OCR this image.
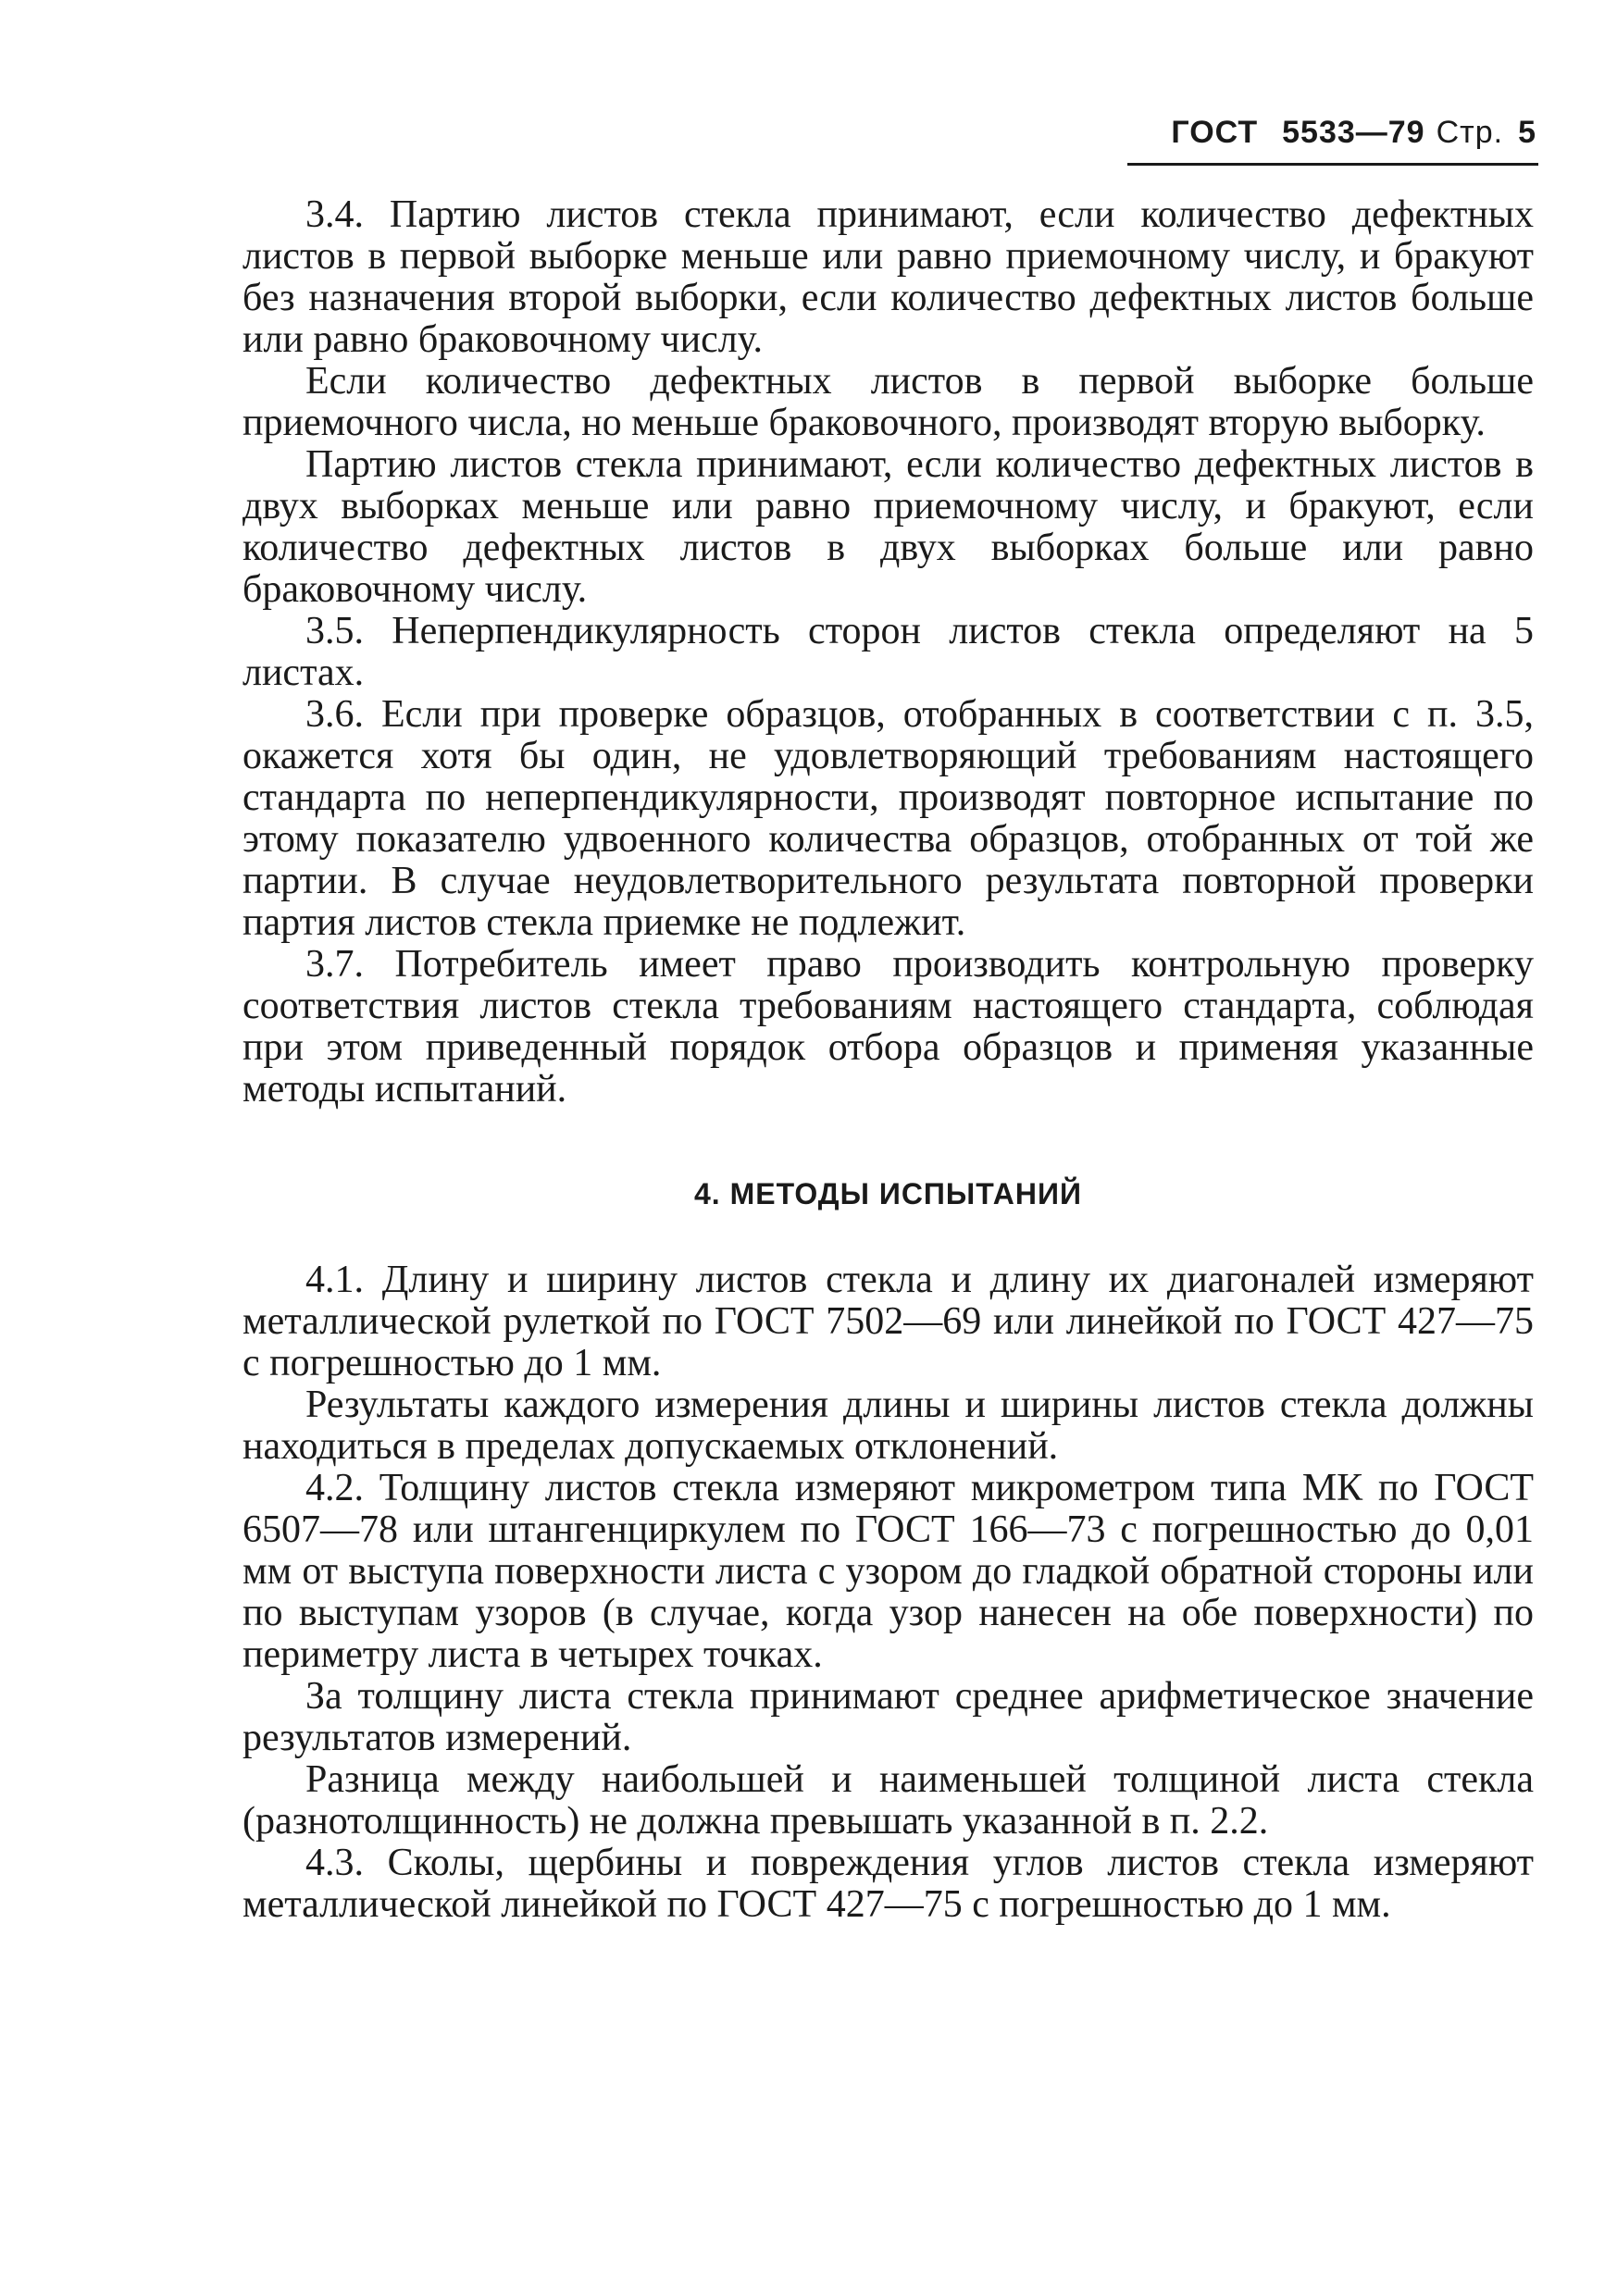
ГОСТ 5533—79 Стр. 5

3.4. Партию листов стекла принимают, если количество дефектных листов в первой выборке меньше или равно приемочному числу, и бракуют без назначения второй выборки, если количество дефектных листов больше или равно браковочному числу.

Если количество дефектных листов в первой выборке больше приемочного числа, но меньше браковочного, производят вторую выборку.

Партию листов стекла принимают, если количество дефектных листов в двух выборках меньше или равно приемочному числу, и бракуют, если количество дефектных листов в двух выборках больше или равно браковочному числу.

3.5. Неперпендикулярность сторон листов стекла определяют на 5 листах.

3.6. Если при проверке образцов, отобранных в соответствии с п. 3.5, окажется хотя бы один, не удовлетворяющий требованиям настоящего стандарта по неперпендикулярности, производят повторное испытание по этому показателю удвоенного количества образцов, отобранных от той же партии. В случае неудовлетворительного результата повторной проверки партия листов стекла приемке не подлежит.

3.7. Потребитель имеет право производить контрольную проверку соответствия листов стекла требованиям настоящего стандарта, соблюдая при этом приведенный порядок отбора образцов и применяя указанные методы испытаний.

4. МЕТОДЫ ИСПЫТАНИЙ

4.1. Длину и ширину листов стекла и длину их диагоналей измеряют металлической рулеткой по ГОСТ 7502—69 или линейкой по ГОСТ 427—75 с погрешностью до 1 мм.

Результаты каждого измерения длины и ширины листов стекла должны находиться в пределах допускаемых отклонений.

4.2. Толщину листов стекла измеряют микрометром типа МК по ГОСТ 6507—78 или штангенциркулем по ГОСТ 166—73 с погрешностью до 0,01 мм от выступа поверхности листа с узором до гладкой обратной стороны или по выступам узоров (в случае, когда узор нанесен на обе поверхности) по периметру листа в четырех точках.

За толщину листа стекла принимают среднее арифметическое значение результатов измерений.

Разница между наибольшей и наименьшей толщиной листа стекла (разнотолщинность) не должна превышать указанной в п. 2.2.

4.3. Сколы, щербины и повреждения углов листов стекла измеряют металлической линейкой по ГОСТ 427—75 с погрешностью до 1 мм.
